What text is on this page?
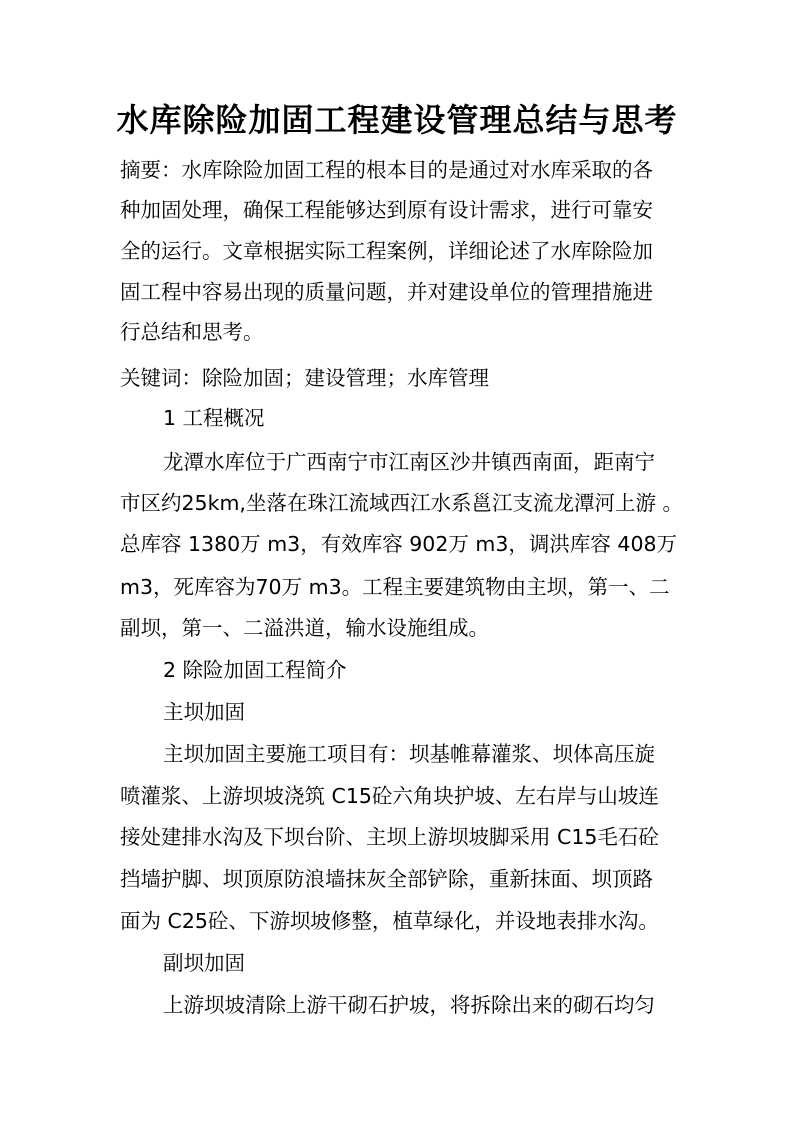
水库除险加固工程建设管理总结与思考
摘要：水库除险加固工程的根本目的是通过对水库采取的各
种加固处理，确保工程能够达到原有设计需求，进行可靠安
全的运行。文章根据实际工程案例，详细论述了水库除险加
固工程中容易出现的质量问题，并对建设单位的管理措施进
行总结和思考。
关键词：除险加固；建设管理；水库管理
1 工程概况
龙潭水库位于广西南宁市江南区沙井镇西南面，距南宁
市区约25km,坐落在珠江流域西江水系邕江支流龙潭河上游 。
总库容 1380万 m3，有效库容 902万 m3，调洪库容 408万
m3，死库容为70万 m3。工程主要建筑物由主坝，第一、二
副坝，第一、二溢洪道，输水设施组成。
2 除险加固工程简介
主坝加固
主坝加固主要施工项目有：坝基帷幕灌浆、坝体高压旋
喷灌浆、上游坝坡浇筑 C15砼六角块护坡、左右岸与山坡连
接处建排水沟及下坝台阶、主坝上游坝坡脚采用 C15毛石砼
挡墙护脚、坝顶原防浪墙抹灰全部铲除，重新抹面、坝顶路
面为 C25砼、下游坝坡修整，植草绿化，并设地表排水沟。
副坝加固
上游坝坡清除上游干砌石护坡，将拆除出来的砌石均匀
